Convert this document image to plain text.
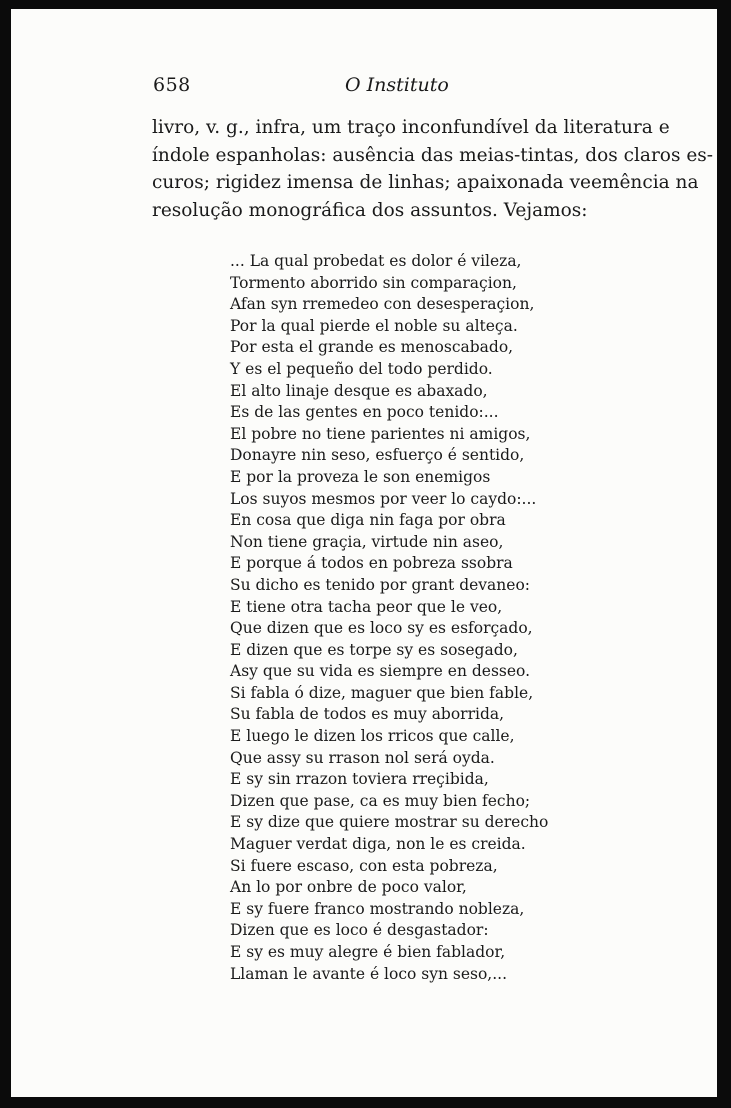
658	O Instituto
livro, v. g., infra, um traço inconfundível da literatura e
índole espanholas: ausência das meias-tintas, dos claros es-
curos; rigidez imensa de linhas; apaixonada veemência na
resolução monográfica dos assuntos. Vejamos:
... La qual probedat es dolor é vileza,
Tormento aborrido sin comparaçion,
Afan syn rremedeo con desesperaçion,
Por la qual pierde el noble su alteça.
Por esta el grande es menoscabado,
Y es el pequeño del todo perdido.
El alto linaje desque es abaxado,
Es de las gentes en poco tenido:...
El pobre no tiene parientes ni amigos,
Donayre nin seso, esfuerço é sentido,
E por la proveza le son enemigos
Los suyos mesmos por veer lo caydo:...
En cosa que diga nin faga por obra
Non tiene graçia, virtude nin aseo,
E porque á todos en pobreza ssobra
Su dicho es tenido por grant devaneo:
E tiene otra tacha peor que le veo,
Que dizen que es loco sy es esforçado,
E dizen que es torpe sy es sosegado,
Asy que su vida es siempre en desseo.
Si fabla ó dize, maguer que bien fable,
Su fabla de todos es muy aborrida,
E luego le dizen los rricos que calle,
Que assy su rrason nol será oyda.
E sy sin rrazon toviera rreçibida,
Dizen que pase, ca es muy bien fecho;
E sy dize que quiere mostrar su derecho
Maguer verdat diga, non le es creida.
Si fuere escaso, con esta pobreza,
An lo por onbre de poco valor,
E sy fuere franco mostrando nobleza,
Dizen que es loco é desgastador:
E sy es muy alegre é bien fablador,
Llaman le avante é loco syn seso,...
